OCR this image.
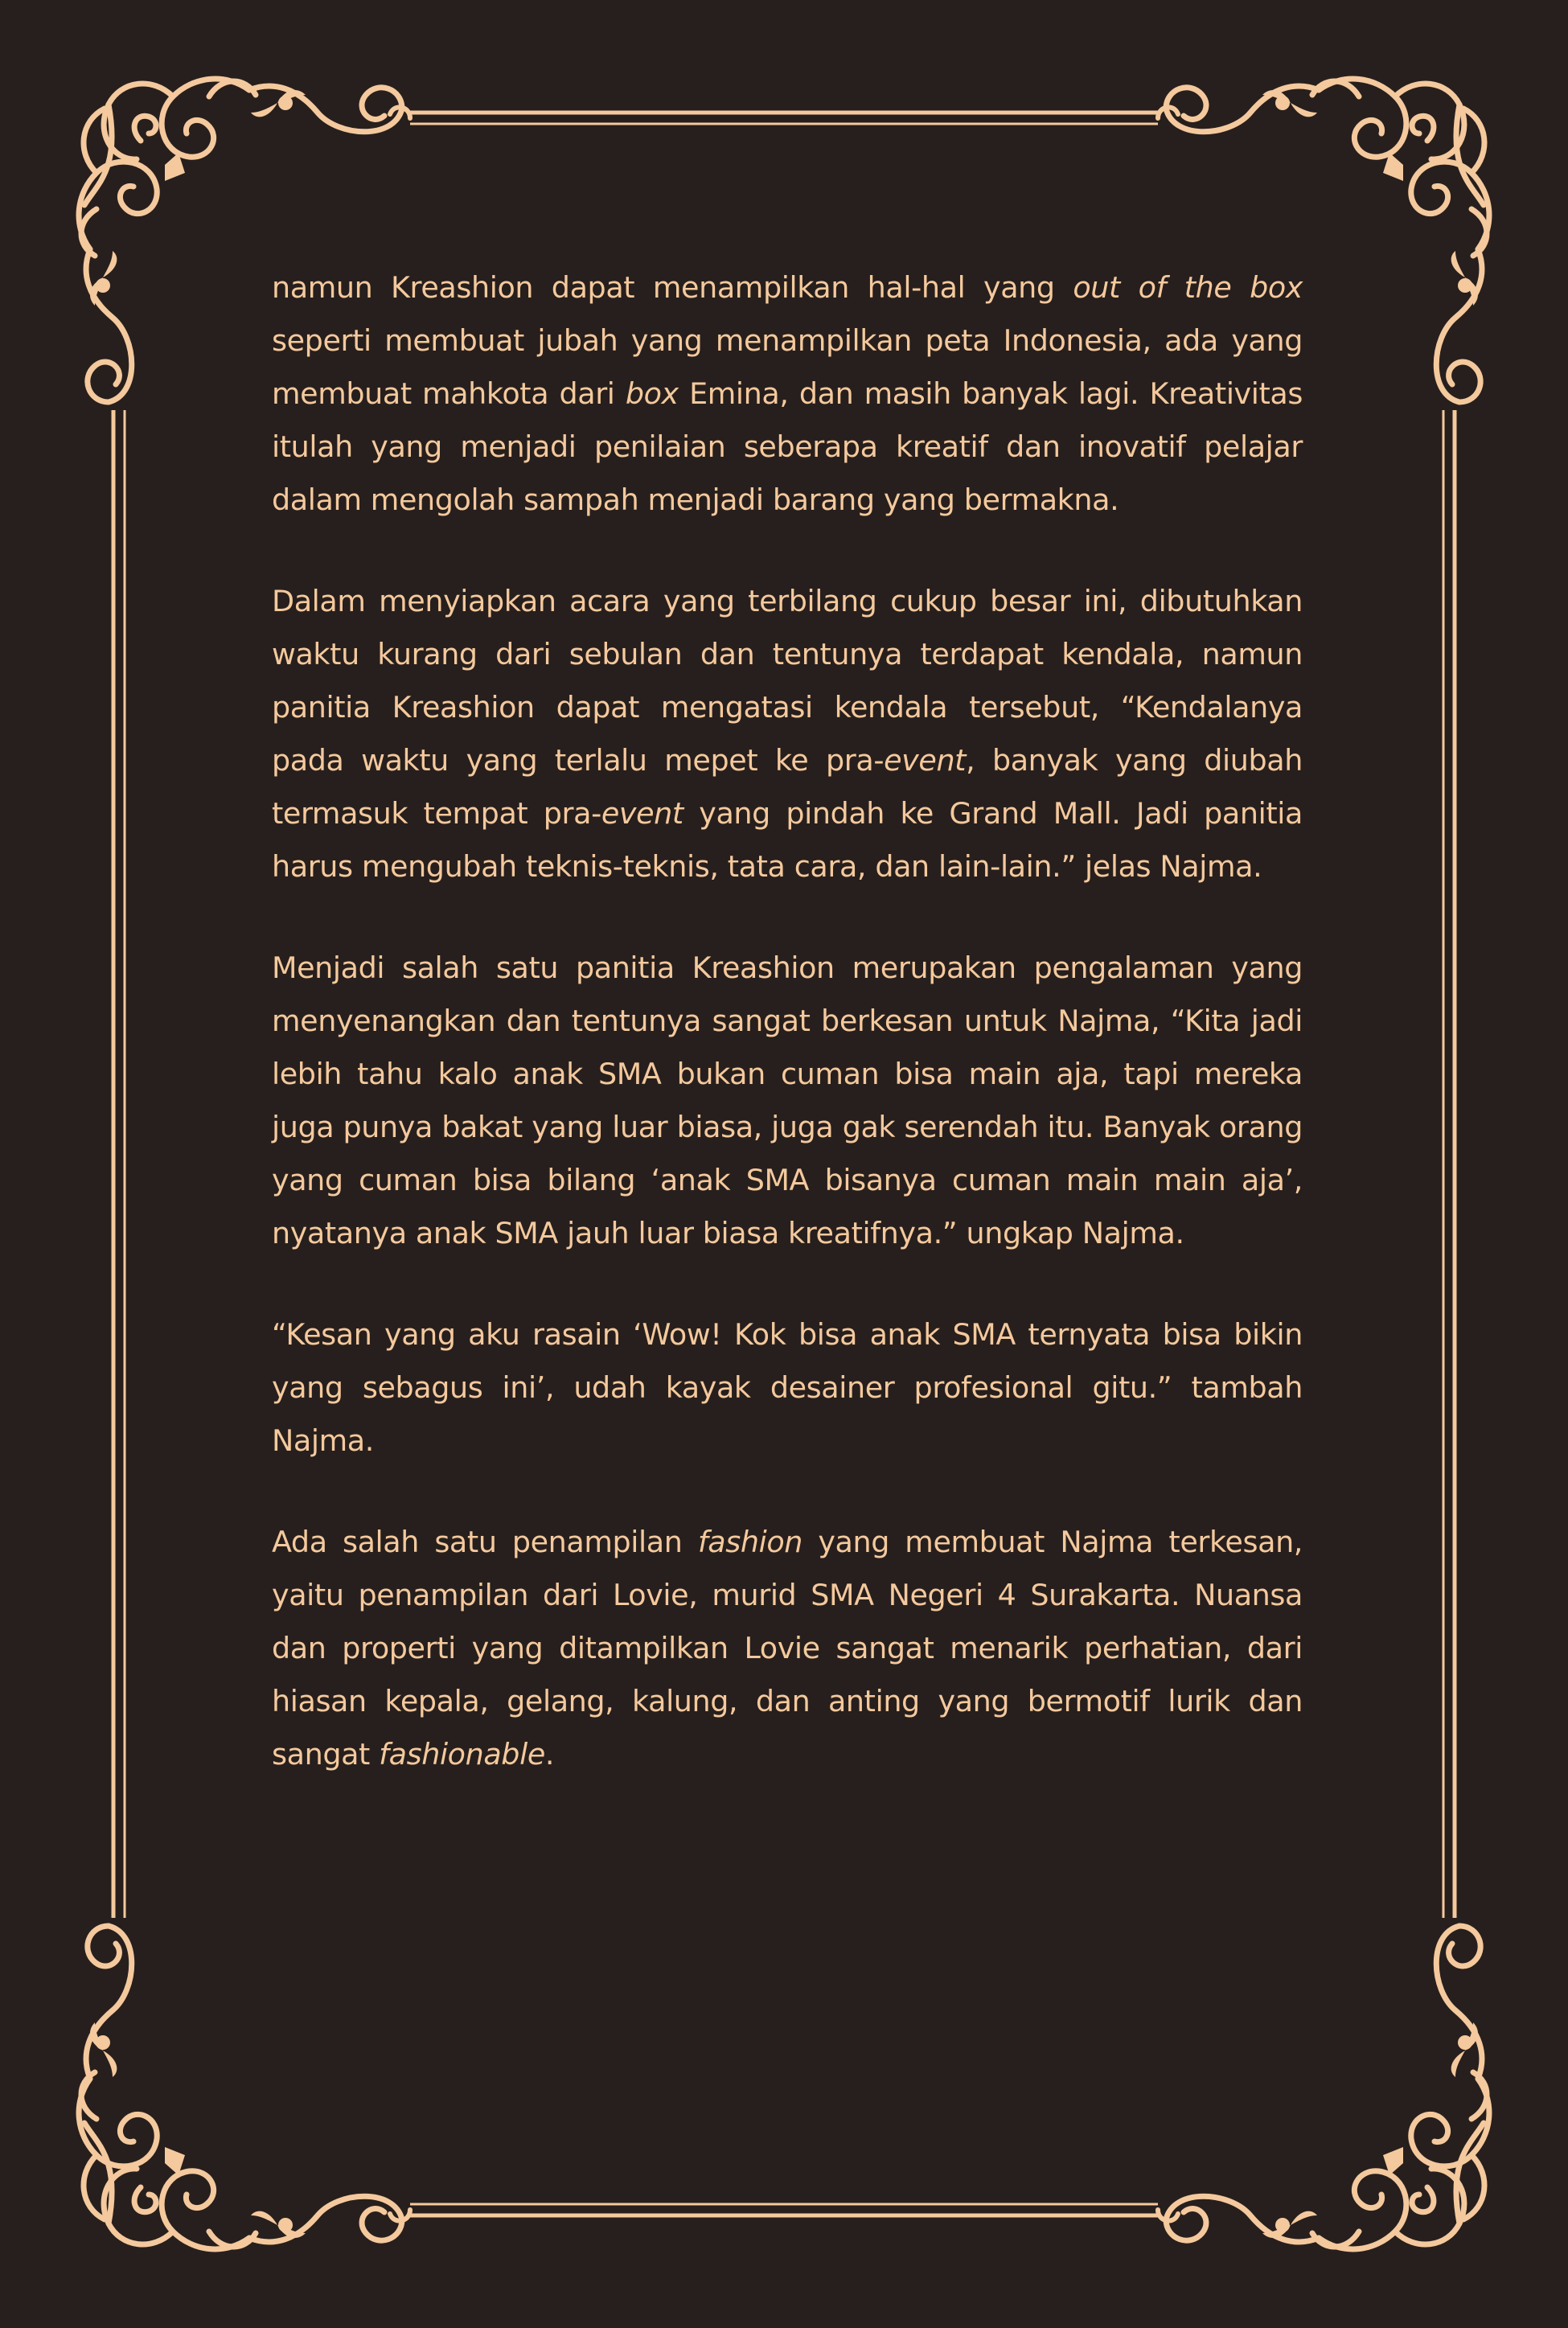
namun Kreashion dapat menampilkan hal-hal yang out of the box seperti membuat jubah yang menampilkan peta Indonesia, ada yang membuat mahkota dari box Emina, dan masih banyak lagi. Kreativitas itulah yang menjadi penilaian seberapa kreatif dan inovatif pelajar dalam mengolah sampah menjadi barang yang bermakna.

Dalam menyiapkan acara yang terbilang cukup besar ini, dibutuhkan waktu kurang dari sebulan dan tentunya terdapat kendala, namun panitia Kreashion dapat mengatasi kendala tersebut, “Kendalanya pada waktu yang terlalu mepet ke pra-event, banyak yang diubah termasuk tempat pra-event yang pindah ke Grand Mall. Jadi panitia harus mengubah teknis-teknis, tata cara, dan lain-lain.” jelas Najma.

Menjadi salah satu panitia Kreashion merupakan pengalaman yang menyenangkan dan tentunya sangat berkesan untuk Najma, “Kita jadi lebih tahu kalo anak SMA bukan cuman bisa main aja, tapi mereka juga punya bakat yang luar biasa, juga gak serendah itu. Banyak orang yang cuman bisa bilang ‘anak SMA bisanya cuman main main aja’, nyatanya anak SMA jauh luar biasa kreatifnya.” ungkap Najma.

“Kesan yang aku rasain ‘Wow! Kok bisa anak SMA ternyata bisa bikin yang sebagus ini’, udah kayak desainer profesional gitu.” tambah Najma.

Ada salah satu penampilan fashion yang membuat Najma terkesan, yaitu penampilan dari Lovie, murid SMA Negeri 4 Surakarta. Nuansa dan properti yang ditampilkan Lovie sangat menarik perhatian, dari hiasan kepala, gelang, kalung, dan anting yang bermotif lurik dan sangat fashionable.
